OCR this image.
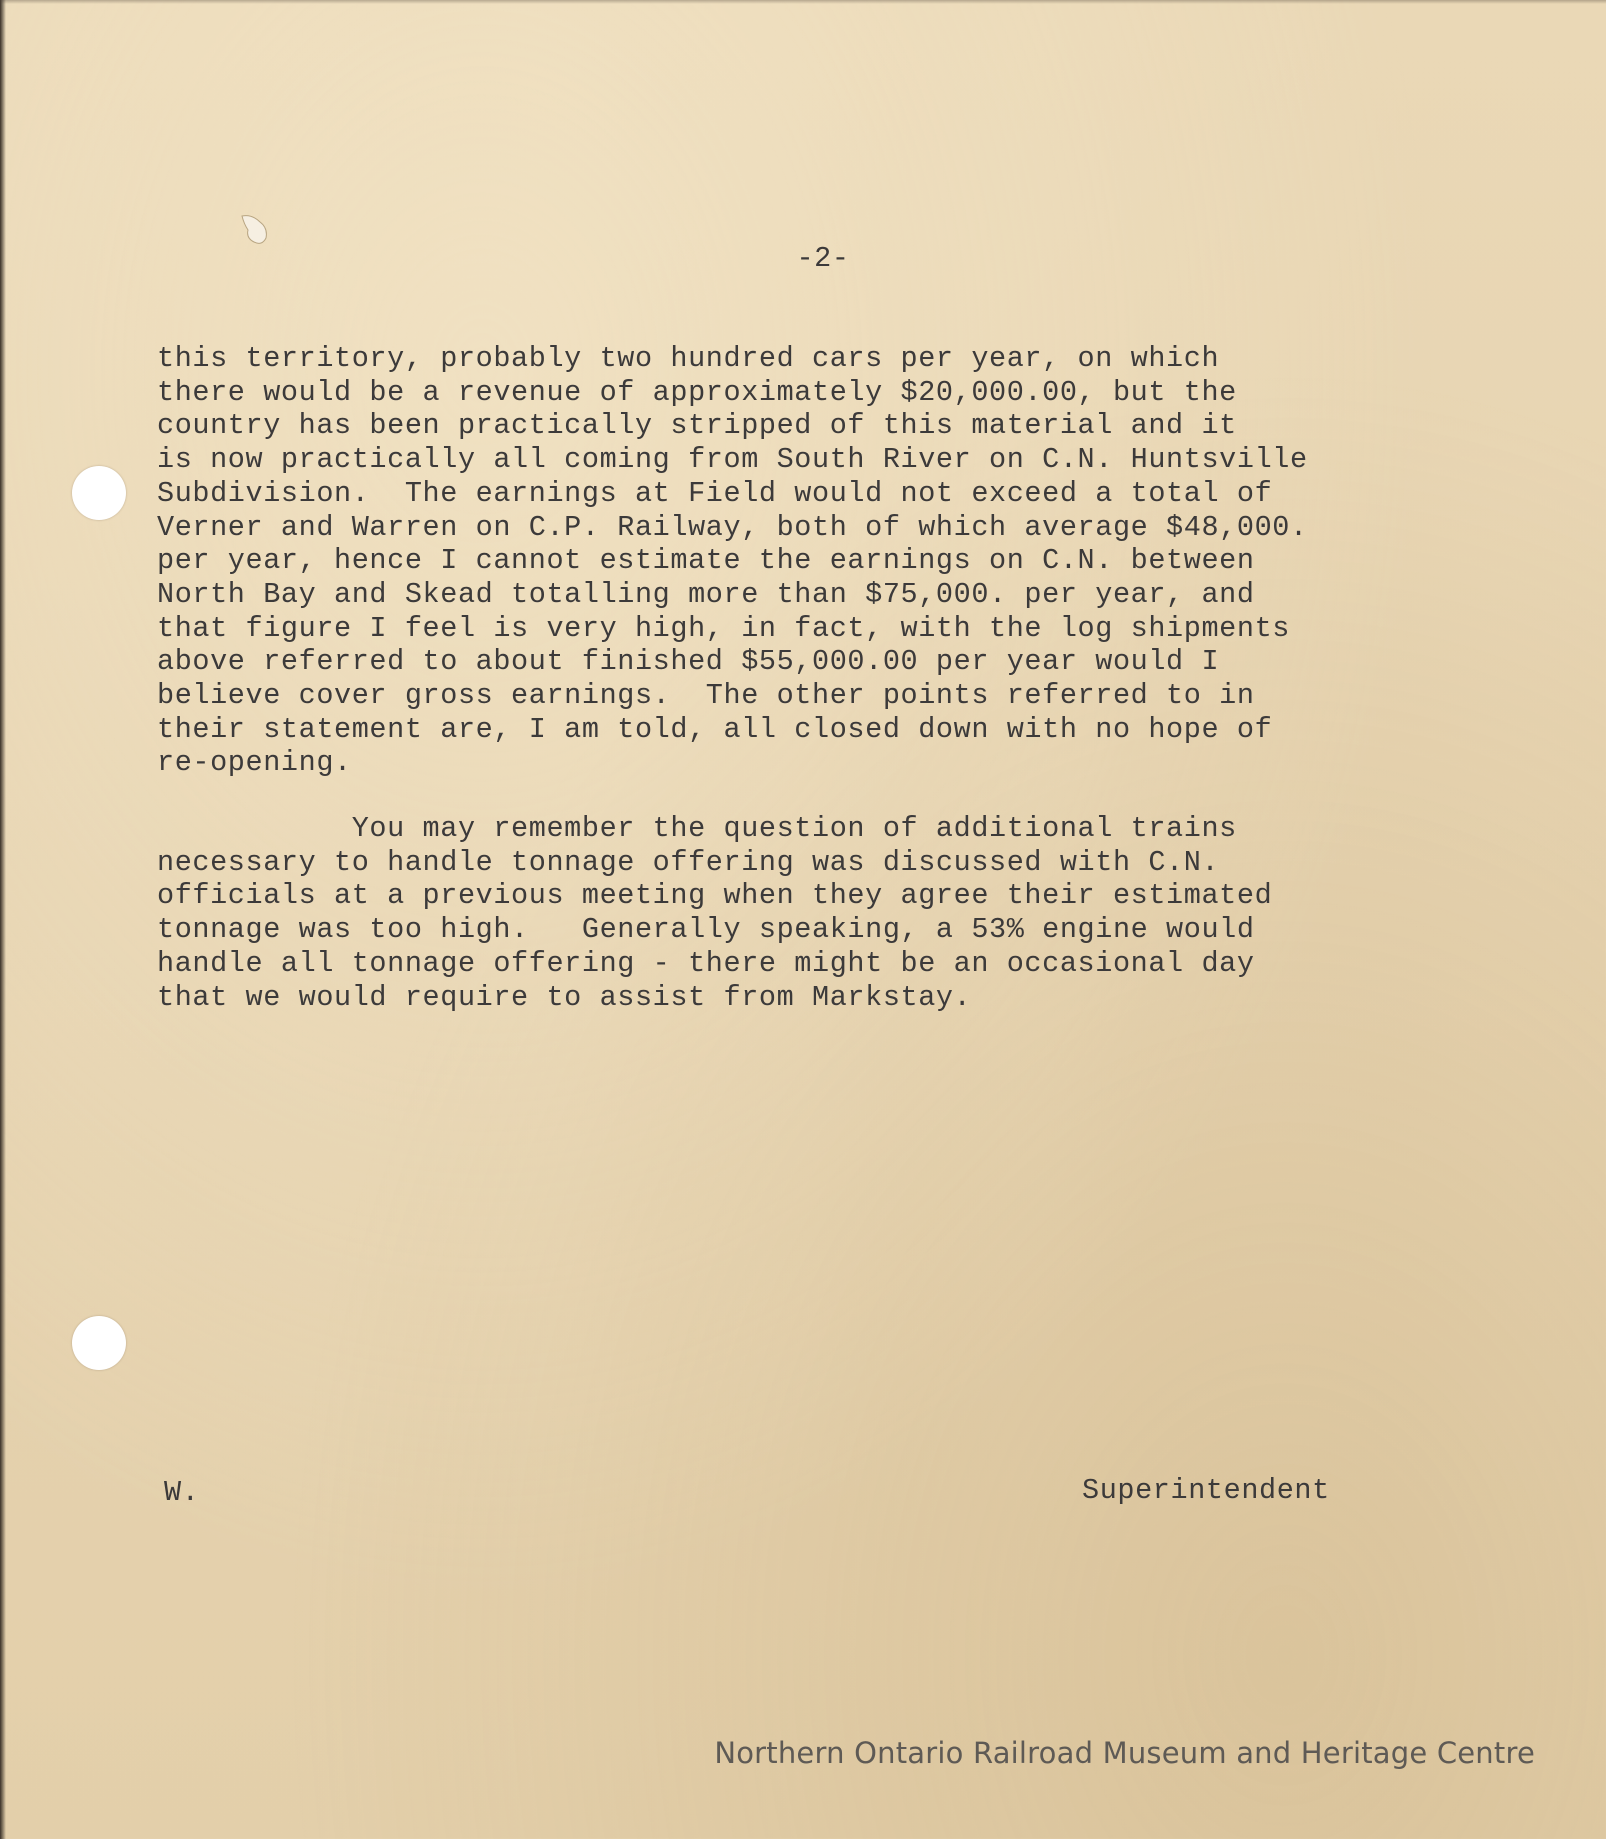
-2-
this territory, probably two hundred cars per year, on which
there would be a revenue of approximately $20,000.00, but the
country has been practically stripped of this material and it
is now practically all coming from South River on C.N. Huntsville
Subdivision.  The earnings at Field would not exceed a total of
Verner and Warren on C.P. Railway, both of which average $48,000.
per year, hence I cannot estimate the earnings on C.N. between
North Bay and Skead totalling more than $75,000. per year, and
that figure I feel is very high, in fact, with the log shipments
above referred to about finished $55,000.00 per year would I
believe cover gross earnings.  The other points referred to in
their statement are, I am told, all closed down with no hope of
re-opening.
You may remember the question of additional trains
necessary to handle tonnage offering was discussed with C.N.
officials at a previous meeting when they agree their estimated
tonnage was too high.   Generally speaking, a 53% engine would
handle all tonnage offering - there might be an occasional day
that we would require to assist from Markstay.
W.	Superintendent
Northern Ontario Railroad Museum and Heritage Centre
